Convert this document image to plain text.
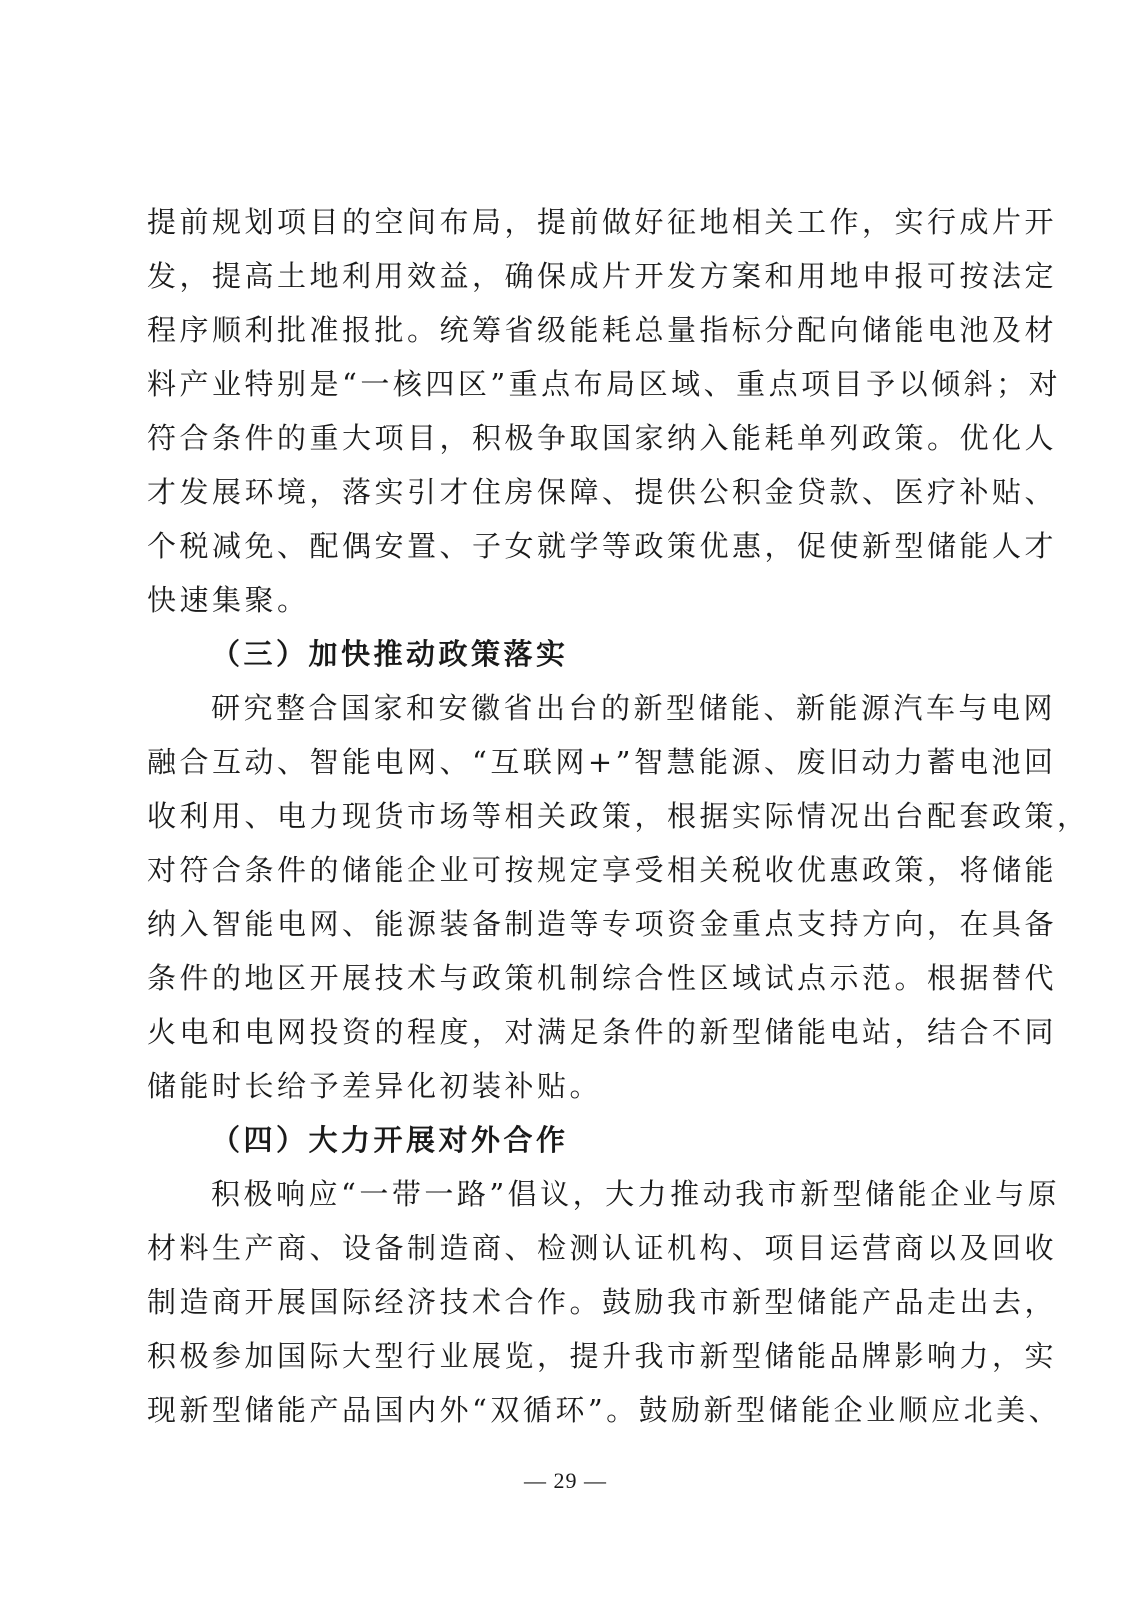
提前规划项目的空间布局，提前做好征地相关工作，实行成片开
发，提高土地利用效益，确保成片开发方案和用地申报可按法定
程序顺利批准报批。统筹省级能耗总量指标分配向储能电池及材
料产业特别是“一核四区”重点布局区域、重点项目予以倾斜；对
符合条件的重大项目，积极争取国家纳入能耗单列政策。优化人
才发展环境，落实引才住房保障、提供公积金贷款、医疗补贴、
个税减免、配偶安置、子女就学等政策优惠，促使新型储能人才
快速集聚。
（三）加快推动政策落实
研究整合国家和安徽省出台的新型储能、新能源汽车与电网
融合互动、智能电网、“互联网+”智慧能源、废旧动力蓄电池回
收利用、电力现货市场等相关政策，根据实际情况出台配套政策，
对符合条件的储能企业可按规定享受相关税收优惠政策，将储能
纳入智能电网、能源装备制造等专项资金重点支持方向，在具备
条件的地区开展技术与政策机制综合性区域试点示范。根据替代
火电和电网投资的程度，对满足条件的新型储能电站，结合不同
储能时长给予差异化初装补贴。
（四）大力开展对外合作
积极响应“一带一路”倡议，大力推动我市新型储能企业与原
材料生产商、设备制造商、检测认证机构、项目运营商以及回收
制造商开展国际经济技术合作。鼓励我市新型储能产品走出去，
积极参加国际大型行业展览，提升我市新型储能品牌影响力，实
现新型储能产品国内外“双循环”。鼓励新型储能企业顺应北美、
— 29 —
